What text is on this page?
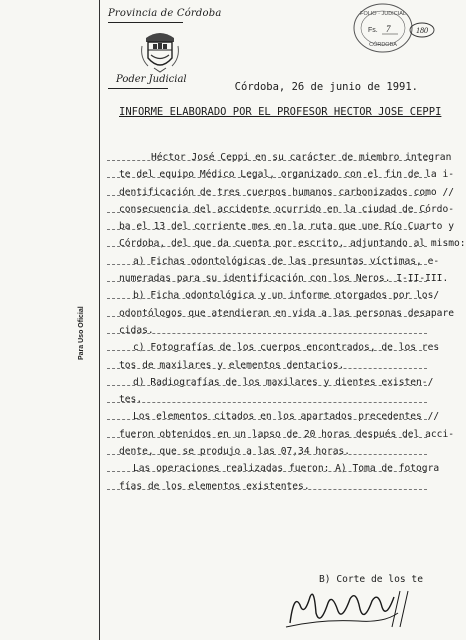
Provincia de Córdoba
Poder Judicial
FOLIO · JUDICIAL
Fs. 7
CÓRDOBA
180
Para Uso Oficial
Córdoba, 26 de junio de 1991.
INFORME ELABORADO POR EL PROFESOR HECTOR JOSE CEPPI
Héctor José Ceppi en su carácter de miembro integran
te del equipo Médico Legal, organizado con el fin de la i-
dentificación de tres cuerpos humanos carbonizados como //
consecuencia del accidente ocurrido en la ciudad de Córdo-
ba el 13 del corriente mes en la ruta que une Río Cuarto y
Córdoba, del que da cuenta por escrito, adjuntando al mismo:
a) Fichas odontológicas de las presuntas víctimas, e-
numeradas para su identificación con los Neros. I-II-III.
b) Ficha odontológica y un informe otorgados por los/
odontólogos que atendieran en vida a las personas desapare
cidas.
c) Fotografías de los cuerpos encontrados, de los res
tos de maxilares y elementos dentarios.
d) Radiografías de los maxilares y dientes existen-/
tes.
Los elementos citados en los apartados precedentes //
fueron obtenidos en un lapso de 20 horas después del acci-
dente, que se produjo a las 07,34 horas.
Las operaciones realizadas fueron: A) Toma de fotogra
fías de los elementos existentes.
B) Corte de los te
